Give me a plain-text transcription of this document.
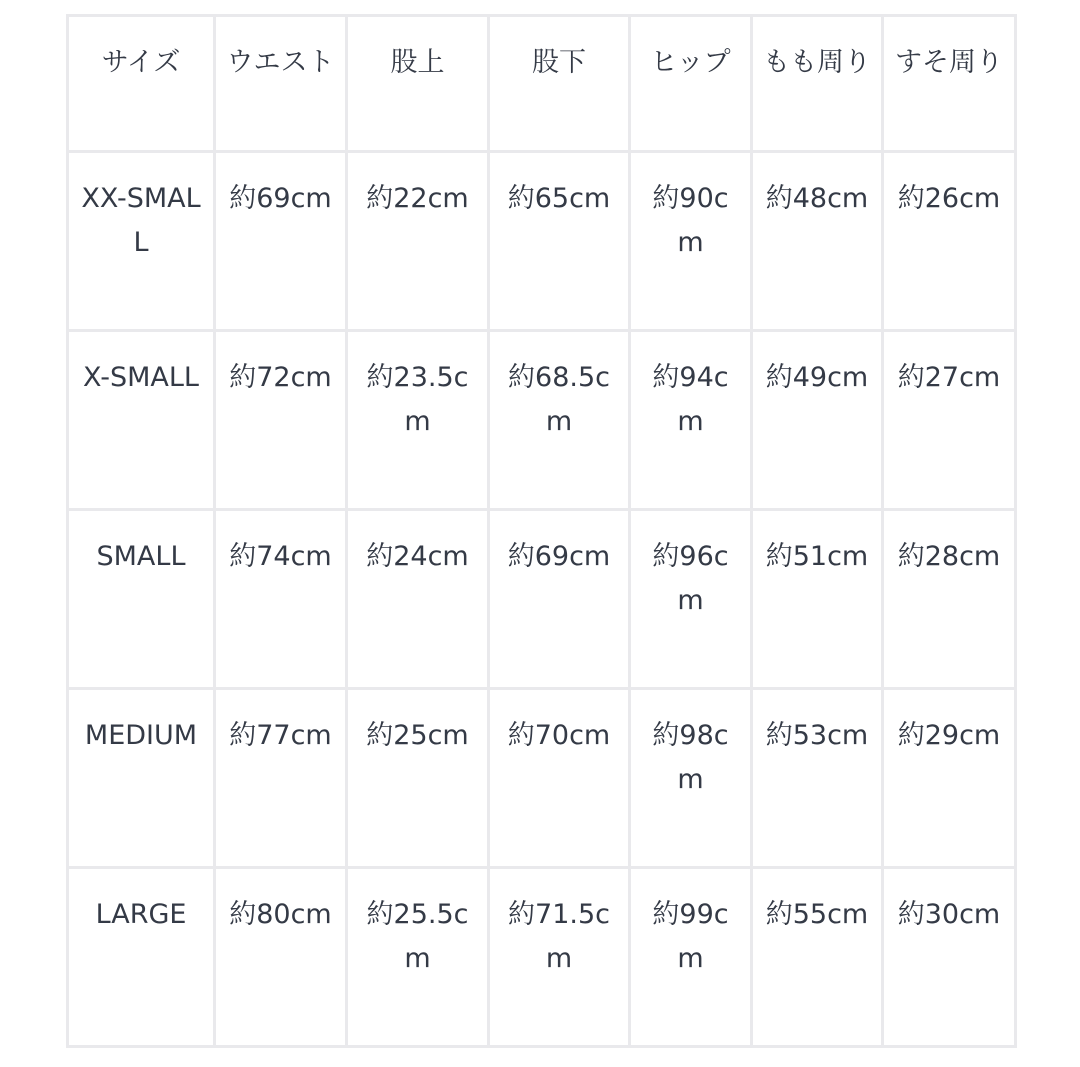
サイズ	ウエスト	股上	股下	ヒップ	もも周り	すそ周り
XX-SMALL	約69cm	約22cm	約65cm	約90cm	約48cm	約26cm
X-SMALL	約72cm	約23.5cm	約68.5cm	約94cm	約49cm	約27cm
SMALL	約74cm	約24cm	約69cm	約96cm	約51cm	約28cm
MEDIUM	約77cm	約25cm	約70cm	約98cm	約53cm	約29cm
LARGE	約80cm	約25.5cm	約71.5cm	約99cm	約55cm	約30cm
